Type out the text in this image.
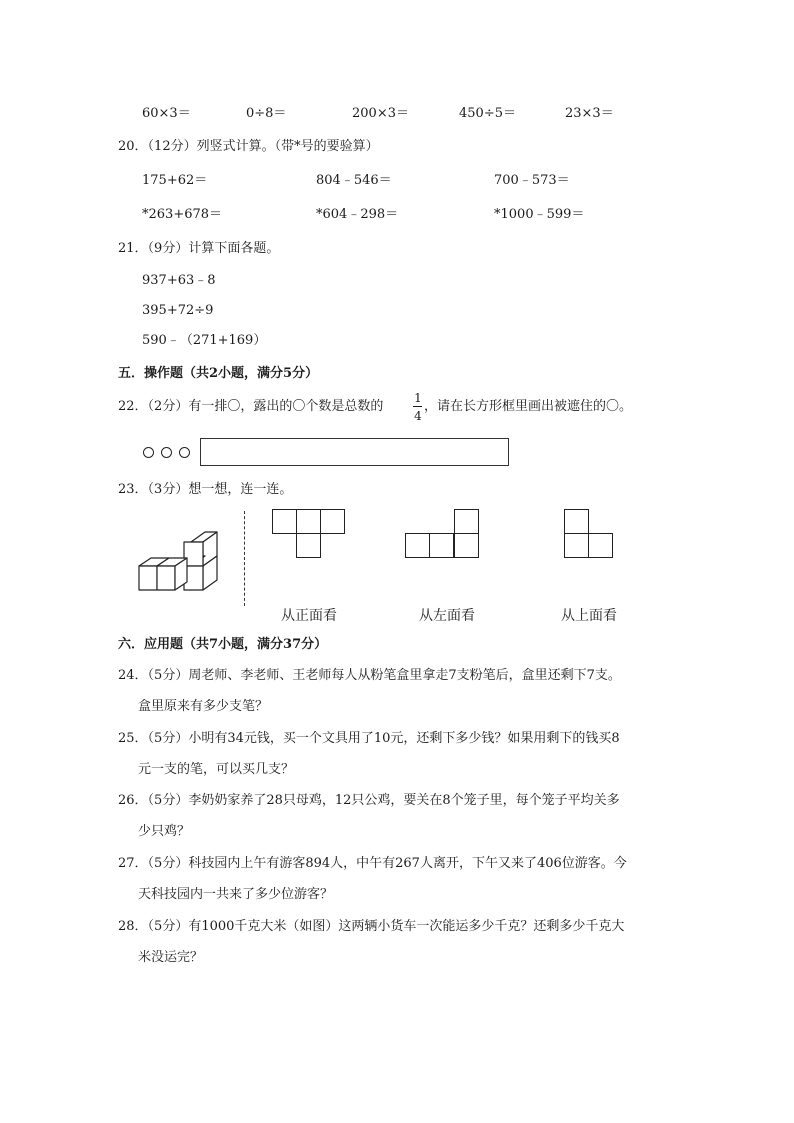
60×3＝	0÷8＝	200×3＝	450÷5＝	23×3＝
20．（12分）列竖式计算。（带*号的要验算）
175+62＝	804﹣546＝	700﹣573＝
*263+678＝	*604﹣298＝	*1000﹣599＝
21．（9分）计算下面各题。
937+63﹣8
395+72÷9
590﹣（271+169）
五．操作题（共2小题，满分5分）
22．（2分）有一排〇，露出的〇个数是总数的
1
4
，请在长方形框里画出被遮住的〇。
23．（3分）想一想，连一连。
从正面看	从左面看	从上面看
六．应用题（共7小题，满分37分）
24．（5分）周老师、李老师、王老师每人从粉笔盒里拿走7支粉笔后，盒里还剩下7支。
盒里原来有多少支笔？
25．（5分）小明有34元钱，买一个文具用了10元，还剩下多少钱？如果用剩下的钱买8
元一支的笔，可以买几支？
26．（5分）李奶奶家养了28只母鸡，12只公鸡，要关在8个笼子里，每个笼子平均关多
少只鸡？
27．（5分）科技园内上午有游客894人，中午有267人离开，下午又来了406位游客。今
天科技园内一共来了多少位游客？
28．（5分）有1000千克大米（如图）这两辆小货车一次能运多少千克？还剩多少千克大
米没运完？
